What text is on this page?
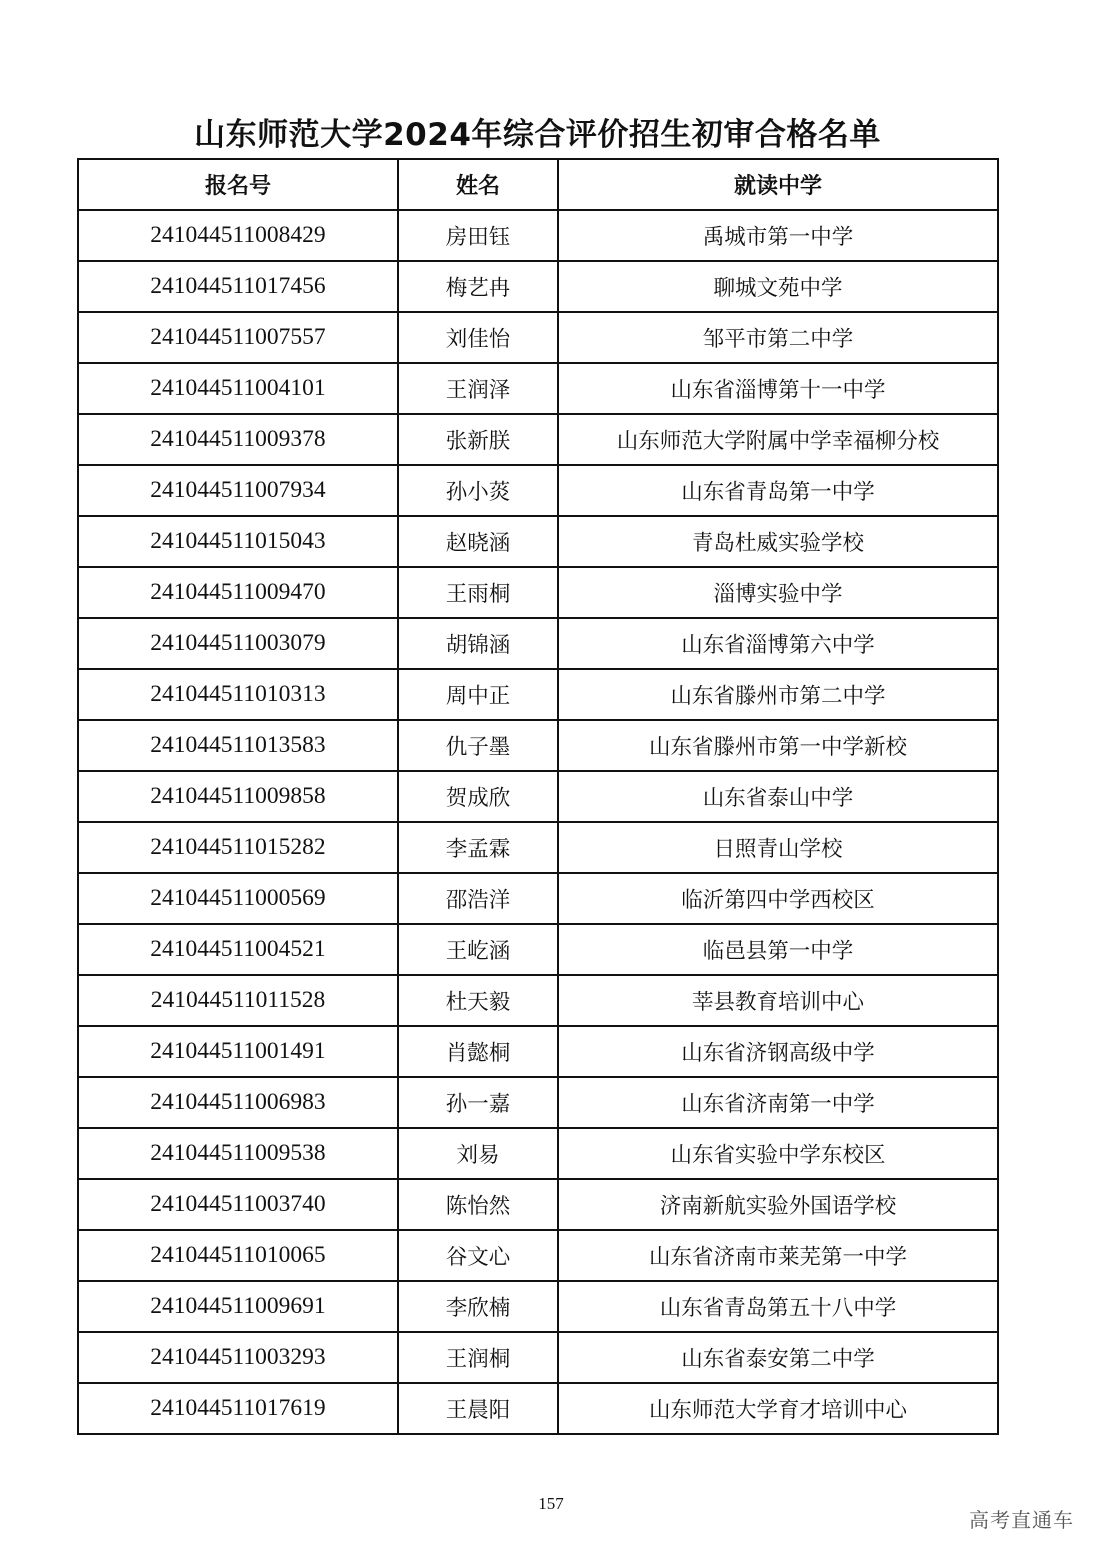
山东师范大学2024年综合评价招生初审合格名单
报名号	姓名	就读中学
241044511008429	房田钰	禹城市第一中学
241044511017456	梅艺冉	聊城文苑中学
241044511007557	刘佳怡	邹平市第二中学
241044511004101	王润泽	山东省淄博第十一中学
241044511009378	张新朕	山东师范大学附属中学幸福柳分校
241044511007934	孙小菼	山东省青岛第一中学
241044511015043	赵晓涵	青岛杜威实验学校
241044511009470	王雨桐	淄博实验中学
241044511003079	胡锦涵	山东省淄博第六中学
241044511010313	周中正	山东省滕州市第二中学
241044511013583	仇子墨	山东省滕州市第一中学新校
241044511009858	贺成欣	山东省泰山中学
241044511015282	李孟霖	日照青山学校
241044511000569	邵浩洋	临沂第四中学西校区
241044511004521	王屹涵	临邑县第一中学
241044511011528	杜天毅	莘县教育培训中心
241044511001491	肖懿桐	山东省济钢高级中学
241044511006983	孙一嘉	山东省济南第一中学
241044511009538	刘易	山东省实验中学东校区
241044511003740	陈怡然	济南新航实验外国语学校
241044511010065	谷文心	山东省济南市莱芜第一中学
241044511009691	李欣楠	山东省青岛第五十八中学
241044511003293	王润桐	山东省泰安第二中学
241044511017619	王晨阳	山东师范大学育才培训中心
157
高考直通车
